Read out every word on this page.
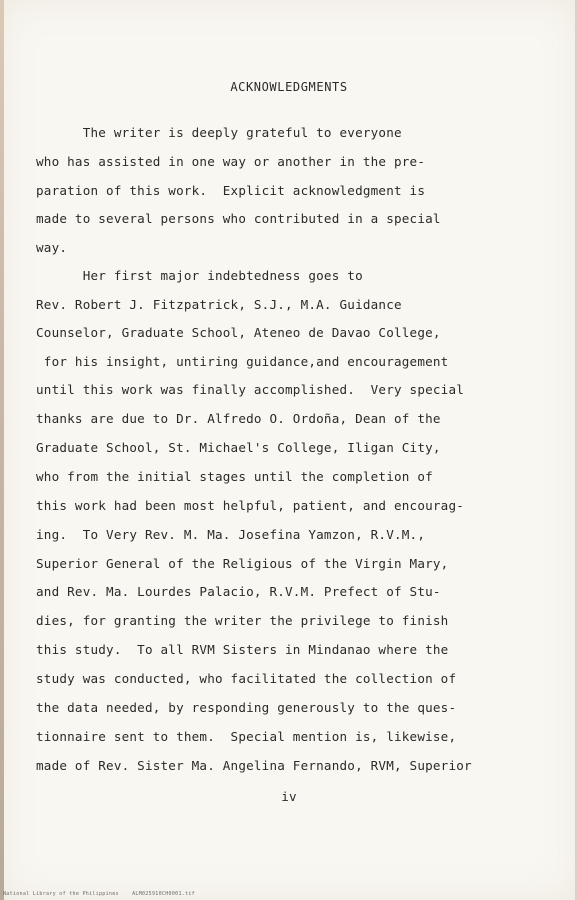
ACKNOWLEDGMENTS
The writer is deeply grateful to everyone
who has assisted in one way or another in the pre-
paration of this work.  Explicit acknowledgment is
made to several persons who contributed in a special
way.
Her first major indebtedness goes to
Rev. Robert J. Fitzpatrick, S.J., M.A. Guidance
Counselor, Graduate School, Ateneo de Davao College,
for his insight, untiring guidance,and encouragement
until this work was finally accomplished.  Very special
thanks are due to Dr. Alfredo O. Ordoña, Dean of the
Graduate School, St. Michael's College, Iligan City,
who from the initial stages until the completion of
this work had been most helpful, patient, and encourag-
ing.  To Very Rev. M. Ma. Josefina Yamzon, R.V.M.,
Superior General of the Religious of the Virgin Mary,
and Rev. Ma. Lourdes Palacio, R.V.M. Prefect of Stu-
dies, for granting the writer the privilege to finish
this study.  To all RVM Sisters in Mindanao where the
study was conducted, who facilitated the collection of
the data needed, by responding generously to the ques-
tionnaire sent to them.  Special mention is, likewise,
made of Rev. Sister Ma. Angelina Fernando, RVM, Superior
iv
National Library of the Philippines    ALM025910CH0001.tif
